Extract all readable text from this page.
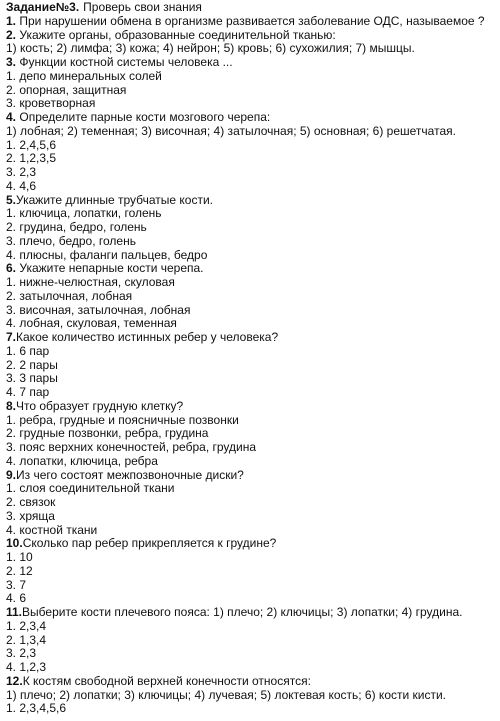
Задание№3. Проверь свои знания
1. При нарушении обмена в организме развивается заболевание ОДС, называемое ?
2. Укажите органы, образованные соединительной тканью:
1) кость; 2) лимфа; 3) кожа; 4) нейрон; 5) кровь; 6) сухожилия; 7) мышцы.
3. Функции костной системы человека ...
1. депо минеральных солей
2. опорная, защитная
3. кроветворная
4. Определите парные кости мозгового черепа:
1) лобная; 2) теменная; 3) височная; 4) затылочная; 5) основная; 6) решетчатая.
1. 2,4,5,6
2. 1,2,3,5
3. 2,3
4. 4,6
5.Укажите длинные трубчатые кости.
1. ключица, лопатки, голень
2. грудина, бедро, голень
3. плечо, бедро, голень
4. плюсны, фаланги пальцев, бедро
6. Укажите непарные кости черепа.
1. нижне-челюстная, скуловая
2. затылочная, лобная
3. височная, затылочная, лобная
4. лобная, скуловая, теменная
7.Какое количество истинных ребер у человека?
1. 6 пар
2. 2 пары
3. 3 пары
4. 7 пар
8.Что образует грудную клетку?
1. ребра, грудные и поясничные позвонки
2. грудные позвонки, ребра, грудина
3. пояс верхних конечностей, ребра, грудина
4. лопатки, ключица, ребра
9.Из чего состоят межпозвоночные диски?
1. слоя соединительной ткани
2. связок
3. хряща
4. костной ткани
10.Сколько пар ребер прикрепляется к грудине?
1. 10
2. 12
3. 7
4. 6
11.Выберите кости плечевого пояса: 1) плечо; 2) ключицы; 3) лопатки; 4) грудина.
1. 2,3,4
2. 1,3,4
3. 2,3
4. 1,2,3
12.К костям свободной верхней конечности относятся:
1) плечо; 2) лопатки; 3) ключицы; 4) лучевая; 5) локтевая кость; 6) кости кисти.
1. 2,3,4,5,6
